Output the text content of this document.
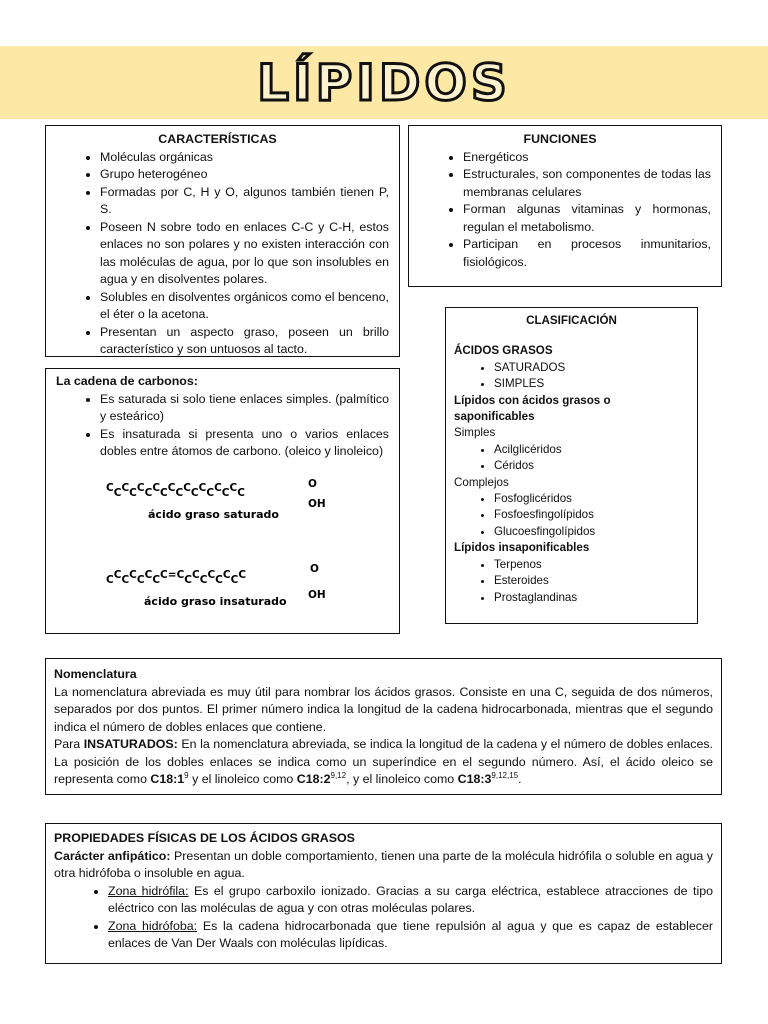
LÍPIDOS
CARACTERÍSTICAS
• Moléculas orgánicas
• Grupo heterogéneo
• Formadas por C, H y O, algunos también tienen P, S.
• Poseen N sobre todo en enlaces C-C y C-H, estos enlaces no son polares y no existen interacción con las moléculas de agua, por lo que son insolubles en agua y en disolventes polares.
• Solubles en disolventes orgánicos como el benceno, el éter o la acetona.
• Presentan un aspecto graso, poseen un brillo característico y son untuosos al tacto.
FUNCIONES
• Energéticos
• Estructurales, son componentes de todas las membranas celulares
• Forman algunas vitaminas y hormonas, regulan el metabolismo.
• Participan en procesos inmunitarios, fisiológicos.
La cadena de carbonos:
• Es saturada si solo tiene enlaces simples. (palmítico y esteárico)
• Es insaturada si presenta uno o varios enlaces dobles entre átomos de carbono. (oleico y linoleico)
CCCCCCCCCCCCCCCCCC
O
OH
ácido graso saturado
CCCCCCCC=CCCCCCCCC	O
OH
ácido graso insaturado
CLASIFICACIÓN
ÁCIDOS GRASOS
• SATURADOS
• SIMPLES
Lípidos con ácidos grasos o saponificables
Simples
• Acilglicéridos
• Céridos
Complejos
• Fosfoglicéridos
• Fosfoesfingolípidos
• Glucoesfingolípidos
Lípidos insaponificables
• Terpenos
• Esteroides
• Prostaglandinas
Nomenclatura
La nomenclatura abreviada es muy útil para nombrar los ácidos grasos. Consiste en una C, seguida de dos números, separados por dos puntos. El primer número indica la longitud de la cadena hidrocarbonada, mientras que el segundo indica el número de dobles enlaces que contiene.
Para INSATURADOS: En la nomenclatura abreviada, se indica la longitud de la cadena y el número de dobles enlaces. La posición de los dobles enlaces se indica como un superíndice en el segundo número. Así, el ácido oleico se representa como $C18:1^9$ y el linoleico como C18:2$^{9,12}$, y el linoleico como C18:3$^{9,12,15}$.
PROPIEDADES FÍSICAS DE LOS ÁCIDOS GRASOS
Carácter anfipático: Presentan un doble comportamiento, tienen una parte de la molécula hidrófila o soluble en agua y otra hidrófoba o insoluble en agua.
• Zona hidrófila: Es el grupo carboxilo ionizado. Gracias a su carga eléctrica, establece atracciones de tipo eléctrico con las moléculas de agua y con otras moléculas polares.
• Zona hidrófoba: Es la cadena hidrocarbonada que tiene repulsión al agua y que es capaz de establecer enlaces de Van Der Waals con moléculas lipídicas.
